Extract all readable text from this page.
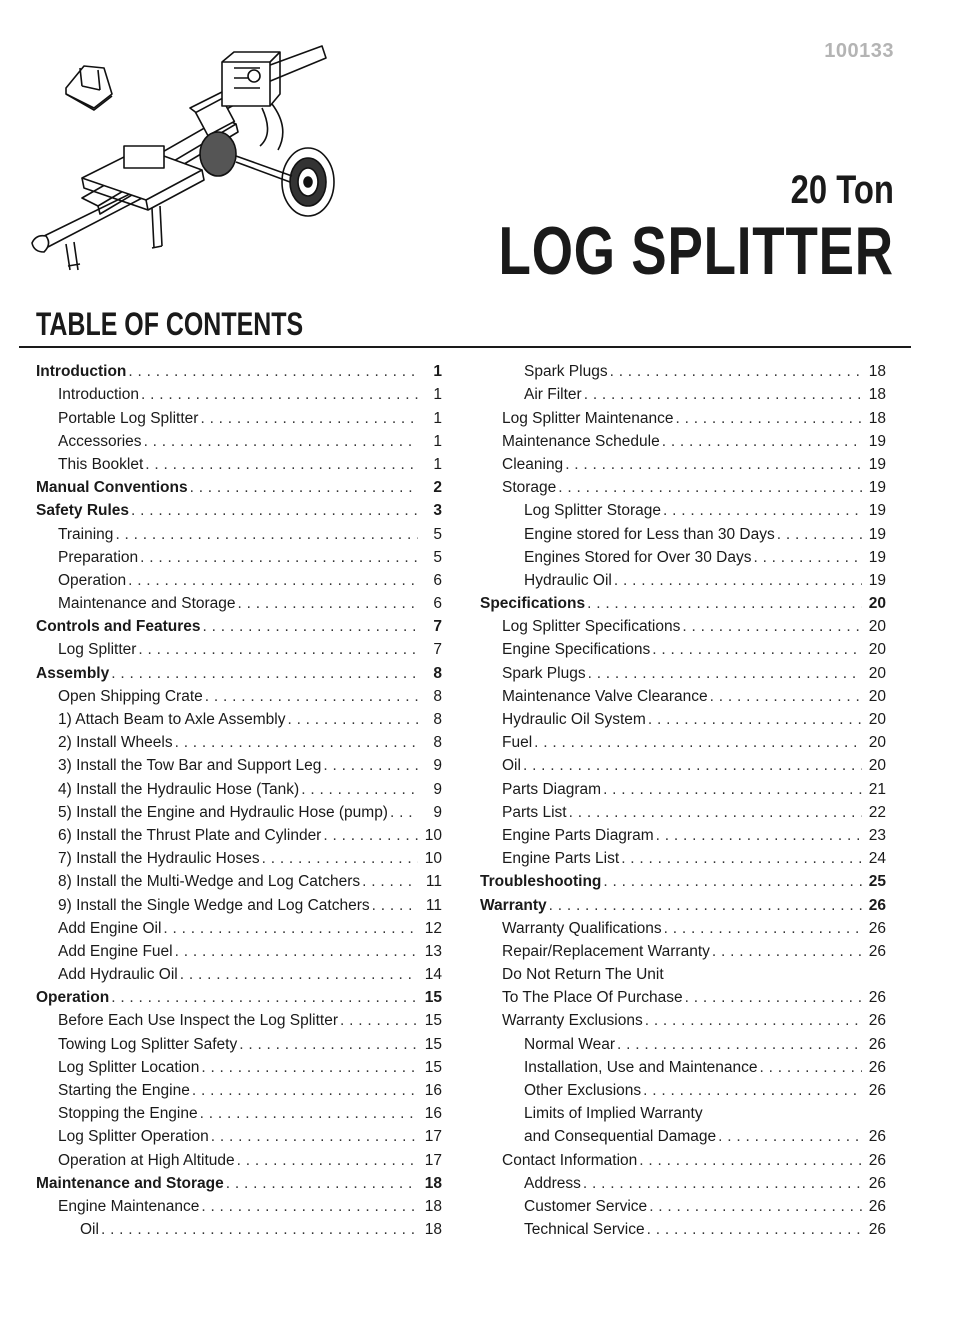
100133
20 Ton
LOG SPLITTER
TABLE OF CONTENTS
Introduction . . .	1
Introduction . . .	1
Portable Log Splitter . . .	1
Accessories . . .	1
This Booklet . . .	1
Manual Conventions . . .	2
Safety Rules . . .	3
Training . . .	5
Preparation . . .	5
Operation . . .	6
Maintenance and Storage . . .	6
Controls and Features . . .	7
Log Splitter . . .	7
Assembly . . .	8
Open Shipping Crate . . .	8
1) Attach Beam to Axle Assembly . . .	8
2) Install Wheels . . .	8
3) Install the Tow Bar and Support Leg . . .	9
4) Install the Hydraulic Hose (Tank) . . .	9
5) Install the Engine and Hydraulic Hose (pump) . . .	9
6) Install the Thrust Plate and Cylinder . . .	10
7) Install the Hydraulic Hoses . . .	10
8) Install the Multi-Wedge and Log Catchers . . .	11
9) Install the Single Wedge and Log Catchers . . .	11
Add Engine Oil . . .	12
Add Engine Fuel . . .	13
Add Hydraulic Oil . . .	14
Operation . . .	15
Before Each Use Inspect the Log Splitter . . .	15
Towing Log Splitter Safety . . .	15
Log Splitter Location . . .	15
Starting the Engine . . .	16
Stopping the Engine . . .	16
Log Splitter Operation . . .	17
Operation at High Altitude . . .	17
Maintenance and Storage . . .	18
Engine Maintenance . . .	18
Oil . . .	18
Spark Plugs . . .	18
Air Filter . . .	18
Log Splitter Maintenance . . .	18
Maintenance Schedule . . .	19
Cleaning . . .	19
Storage . . .	19
Log Splitter Storage . . .	19
Engine stored for Less than 30 Days . . .	19
Engines Stored for Over 30 Days . . .	19
Hydraulic Oil . . .	19
Specifications . . .	20
Log Splitter Specifications . . .	20
Engine Specifications . . .	20
Spark Plugs . . .	20
Maintenance Valve Clearance . . .	20
Hydraulic Oil System . . .	20
Fuel . . .	20
Oil . . .	20
Parts Diagram . . .	21
Parts List . . .	22
Engine Parts Diagram . . .	23
Engine Parts List . . .	24
Troubleshooting . . .	25
Warranty . . .	26
Warranty Qualifications . . .	26
Repair/Replacement Warranty . . .	26
Do Not Return The Unit
To The Place Of Purchase . . .	26
Warranty Exclusions . . .	26
Normal Wear . . .	26
Installation, Use and Maintenance . . .	26
Other Exclusions . . .	26
Limits of Implied Warranty
and Consequential Damage . . .	26
Contact Information . . .	26
Address . . .	26
Customer Service . . .	26
Technical Service . . .	26
